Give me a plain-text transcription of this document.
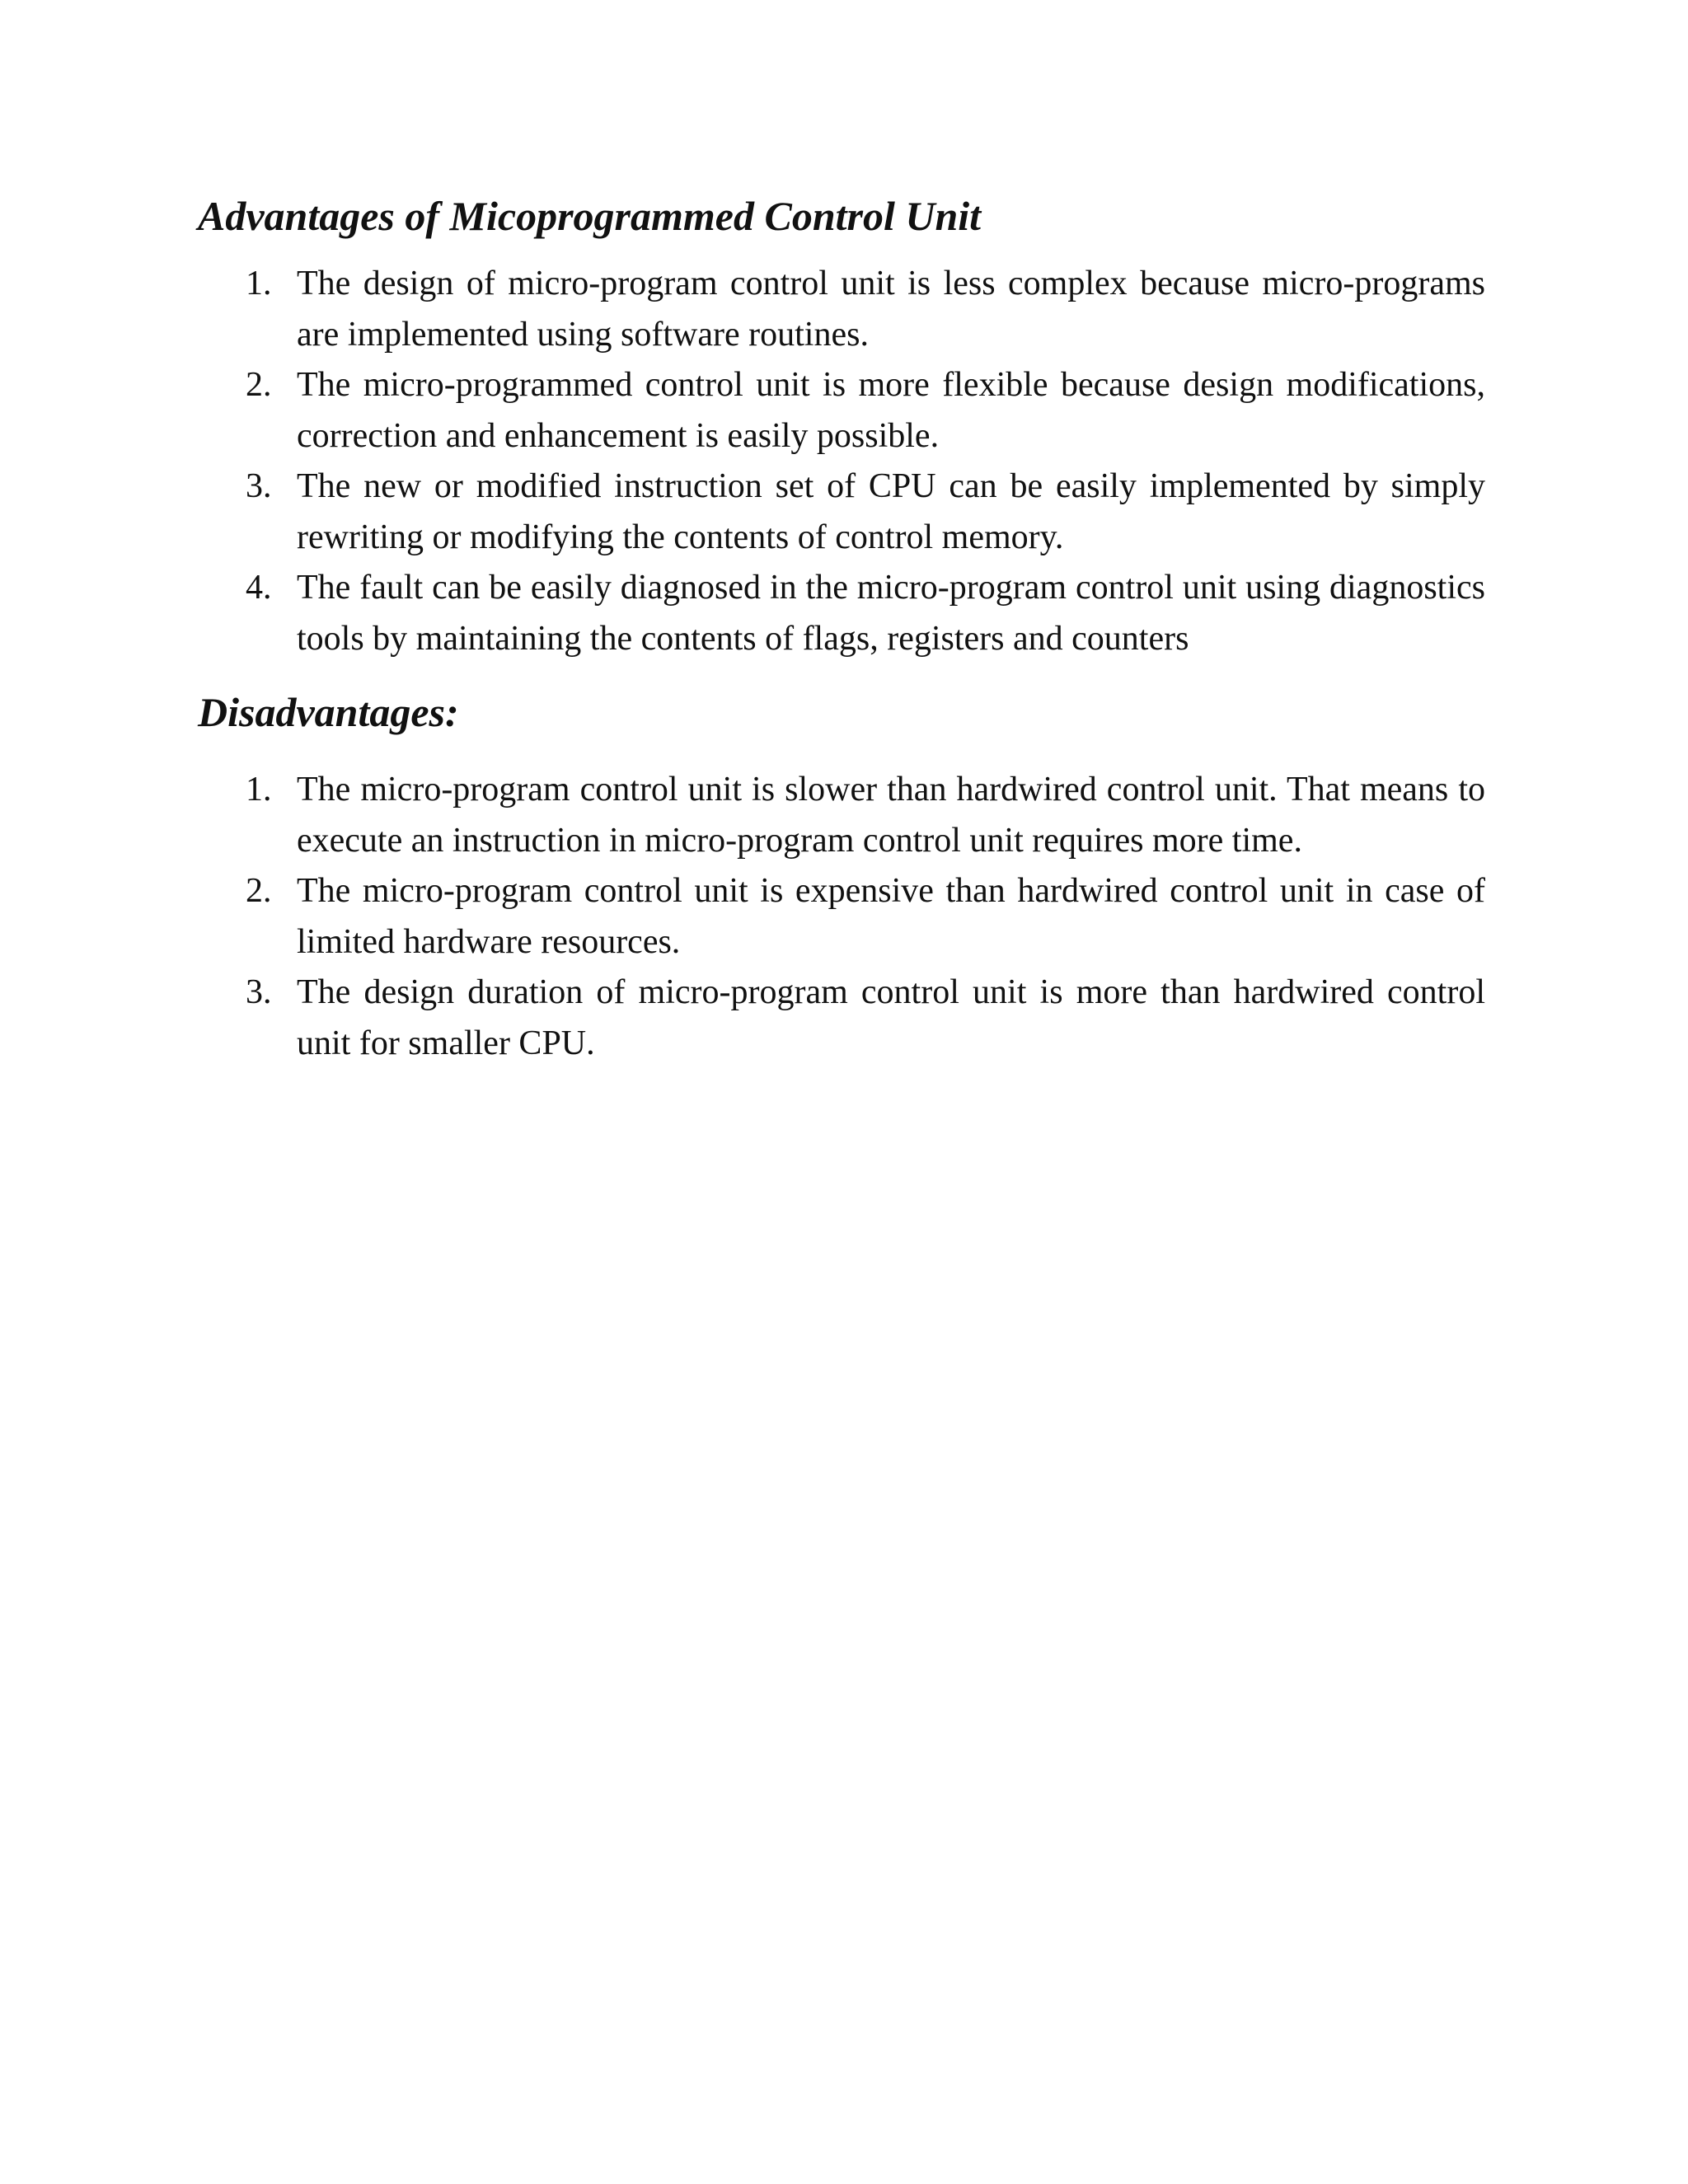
Advantages of Micoprogrammed Control Unit
1. The design of micro-program control unit is less complex because micro-programs are implemented using software routines.
2. The micro-programmed control unit is more flexible because design modifications, correction and enhancement is easily possible.
3. The new or modified instruction set of CPU can be easily implemented by simply rewriting or modifying the contents of control memory.
4. The fault can be easily diagnosed in the micro-program control unit using diagnostics tools by maintaining the contents of flags, registers and counters
Disadvantages:
1. The micro-program control unit is slower than hardwired control unit. That means to execute an instruction in micro-program control unit requires more time.
2. The micro-program control unit is expensive than hardwired control unit in case of limited hardware resources.
3. The design duration of micro-program control unit is more than hardwired control unit for smaller CPU.
